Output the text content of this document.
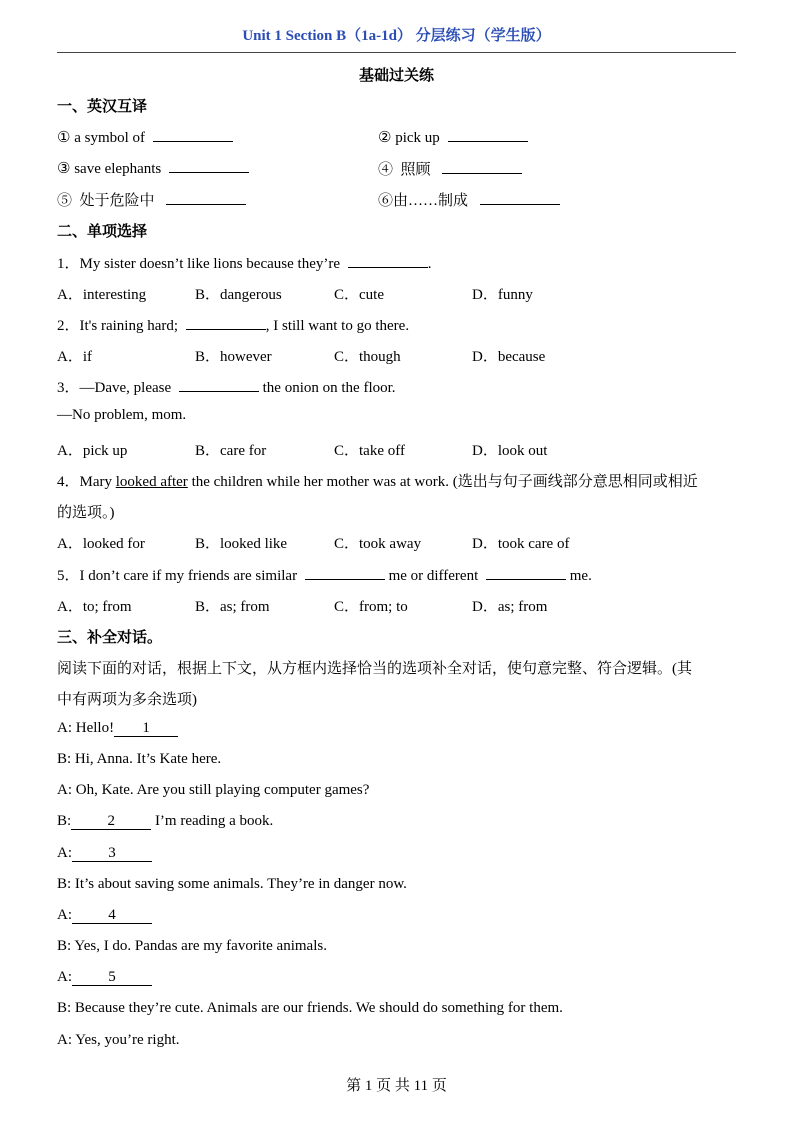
Unit 1 Section B（1a-1d） 分层练习（学生版）
基础过关练
一、英汉互译
① a symbol of	② pick up
③ save elephants	④  照顾
⑤  处于危险中	⑥由……制成
二、单项选择
1．My sister doesn’t like lions because they’re	.
A．interesting	B．dangerous	C．cute	D．funny
2．It's raining hard;	, I still want to go there.
A．if	B．however	C．though	D．because
3．—Dave, please	the onion on the floor.
—No problem, mom.
A．pick up	B．care for	C．take off	D．look out
4．Mary looked after the children while her mother was at work. (选出与句子画线部分意思相同或相近
的选项。)
A．looked for	B．looked like	C．took away	D．took care of
5．I don’t care if my friends are similar	me or different	me.
A．to; from	B．as; from	C．from; to	D．as; from
三、补全对话。
阅读下面的对话，根据上下文，从方框内选择恰当的选项补全对话，使句意完整、符合逻辑。(其
中有两项为多余选项)
A: Hello! 1
B: Hi, Anna. It’s Kate here.
A: Oh, Kate. Are you still playing computer games?
B: 2 I’m reading a book.
A: 3
B: It’s about saving some animals. They’re in danger now.
A: 4
B: Yes, I do. Pandas are my favorite animals.
A: 5
B: Because they’re cute. Animals are our friends. We should do something for them.
A: Yes, you’re right.
第 1 页 共 11 页
